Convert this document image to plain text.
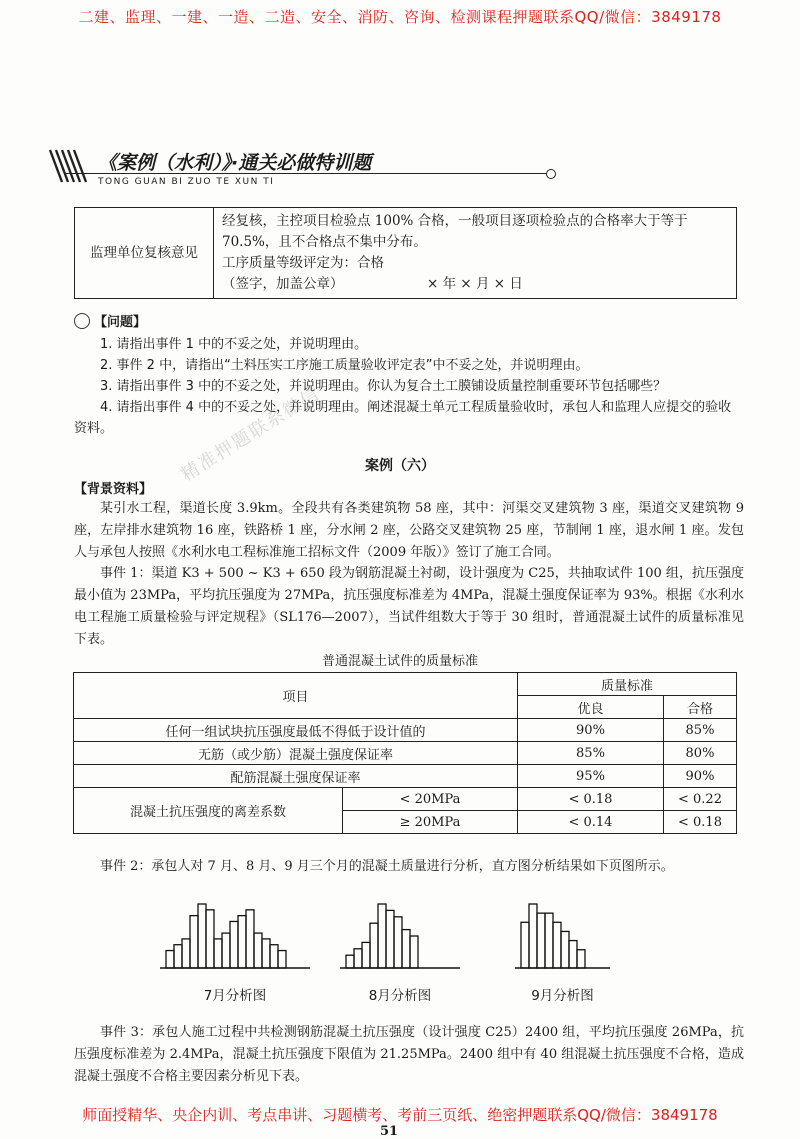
二建、监理、一建、一造、二造、安全、消防、咨询、检测课程押题联系QQ/微信：3849178
《案例（水利）》·通关必做特训题
TONG GUAN BI ZUO TE XUN TI
监理单位复核意见	
经复核，主控项目检验点 100% 合格，一般项目逐项检验点的合格率大于等于 70.5%，且不合格点不集中分布。
工序质量等级评定为：合格
（签字，加盖公章）	× 年 × 月 × 日
【问题】

1. 请指出事件 1 中的不妥之处，并说明理由。

2. 事件 2 中，请指出“土料压实工序施工质量验收评定表”中不妥之处，并说明理由。

3. 请指出事件 3 中的不妥之处，并说明理由。你认为复合土工膜铺设质量控制重要环节包括哪些？

4. 请指出事件 4 中的不妥之处，并说明理由。阐述混凝土单元工程质量验收时，承包人和监理人应提交的验收资料。	精准押题联系微信	案例（六）
【背景资料】

某引水工程，渠道长度 3.9km。全段共有各类建筑物 58 座，其中：河渠交叉建筑物 3 座，渠道交叉建筑物 9 座，左岸排水建筑物 16 座，铁路桥 1 座，分水闸 2 座，公路交叉建筑物 25 座，节制闸 1 座，退水闸 1 座。发包人与承包人按照《水利水电工程标准施工招标文件（2009 年版）》签订了施工合同。

事件 1：渠道 K3 + 500 ~ K3 + 650 段为钢筋混凝土衬砌，设计强度为 C25，共抽取试件 100 组，抗压强度最小值为 23MPa，平均抗压强度为 27MPa，抗压强度标准差为 4MPa，混凝土强度保证率为 93%。根据《水利水电工程施工质量检验与评定规程》（SL176—2007），当试件组数大于等于 30 组时，普通混凝土试件的质量标准见下表。

普通混凝土试件的质量标准
项目		质量标准	
		优良	合格
任何一组试块抗压强度最低不得低于设计值的		90%	85%
无筋（或少筋）混凝土强度保证率		85%	80%
配筋混凝土强度保证率		95%	90%
混凝土抗压强度的离差系数	< 20MPa	< 0.18	< 0.22
	≥ 20MPa	< 0.14	< 0.18
事件 2：承包人对 7 月、8 月、9 月三个月的混凝土质量进行分析，直方图分析结果如下页图所示。
7月分析图	8月分析图	9月分析图

事件 3：承包人施工过程中共检测钢筋混凝土抗压强度（设计强度 C25）2400 组，平均抗压强度 26MPa，抗压强度标准差为 2.4MPa，混凝土抗压强度下限值为 21.25MPa。2400 组中有 40 组混凝土抗压强度不合格，造成混凝土强度不合格主要因素分析见下表。

师面授精华、央企内训、考点串讲、习题横考、考前三页纸、绝密押题联系QQ/微信：3849178
51
